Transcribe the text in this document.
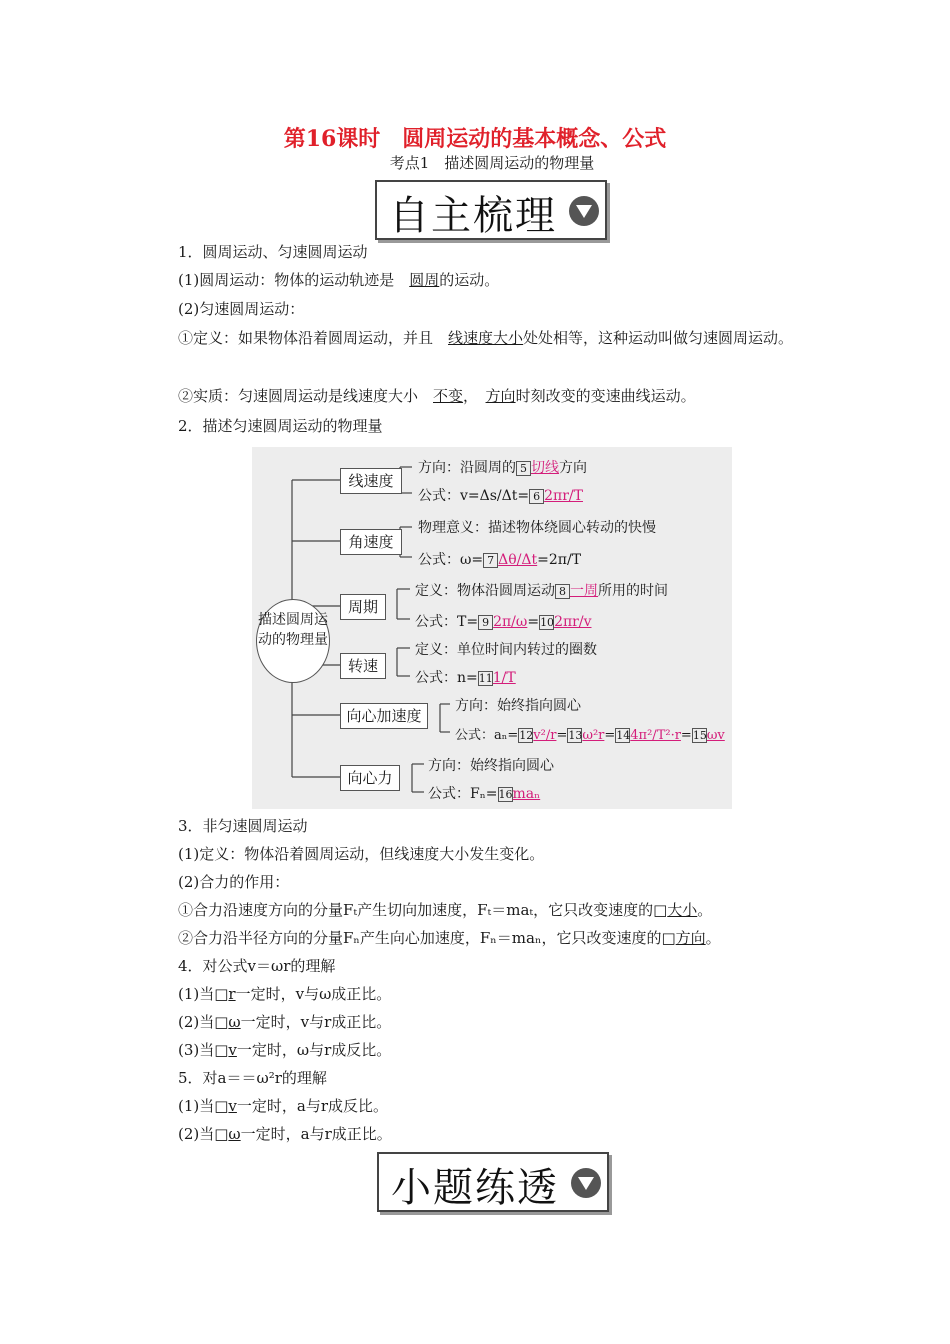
第16课时　圆周运动的基本概念、公式
考点1　描述圆周运动的物理量
自主梳理
1．圆周运动、匀速圆周运动
(1)圆周运动：物体的运动轨迹是　圆周的运动。
(2)匀速圆周运动：
①定义：如果物体沿着圆周运动，并且　线速度大小处处相等，这种运动叫做匀速圆周运动。
②实质：匀速圆周运动是线速度大小　不变，　方向时刻改变的变速曲线运动。
2．描述匀速圆周运动的物理量
描述圆周运动的物理量
线速度
角速度
周期
转速
向心加速度
向心力
方向：沿圆周的 5 切线方向
公式：v=Δs/Δt= 6 2πr/T
物理意义：描述物体绕圆心转动的快慢
公式：ω= 7 Δθ/Δt=2π/T
定义：物体沿圆周运动 8 一周所用的时间
公式：T= 9 2π/ω=102πr/v
定义：单位时间内转过的圈数
公式：n=111/T
方向：始终指向圆心
公式：aₙ=12v²/r=13ω²r=144π²/T²·r=15ωv
方向：始终指向圆心
公式：Fₙ=16maₙ
3．非匀速圆周运动
(1)定义：物体沿着圆周运动，但线速度大小发生变化。
(2)合力的作用：
①合力沿速度方向的分量Fₜ产生切向加速度，Fₜ＝maₜ，它只改变速度的□大小。
②合力沿半径方向的分量Fₙ产生向心加速度，Fₙ＝maₙ，它只改变速度的□方向。
4．对公式v＝ωr的理解
(1)当□r一定时，v与ω成正比。
(2)当□ω一定时，v与r成正比。
(3)当□v一定时，ω与r成反比。
5．对a＝＝ω²r的理解
(1)当□v一定时，a与r成反比。
(2)当□ω一定时，a与r成正比。
小题练透
